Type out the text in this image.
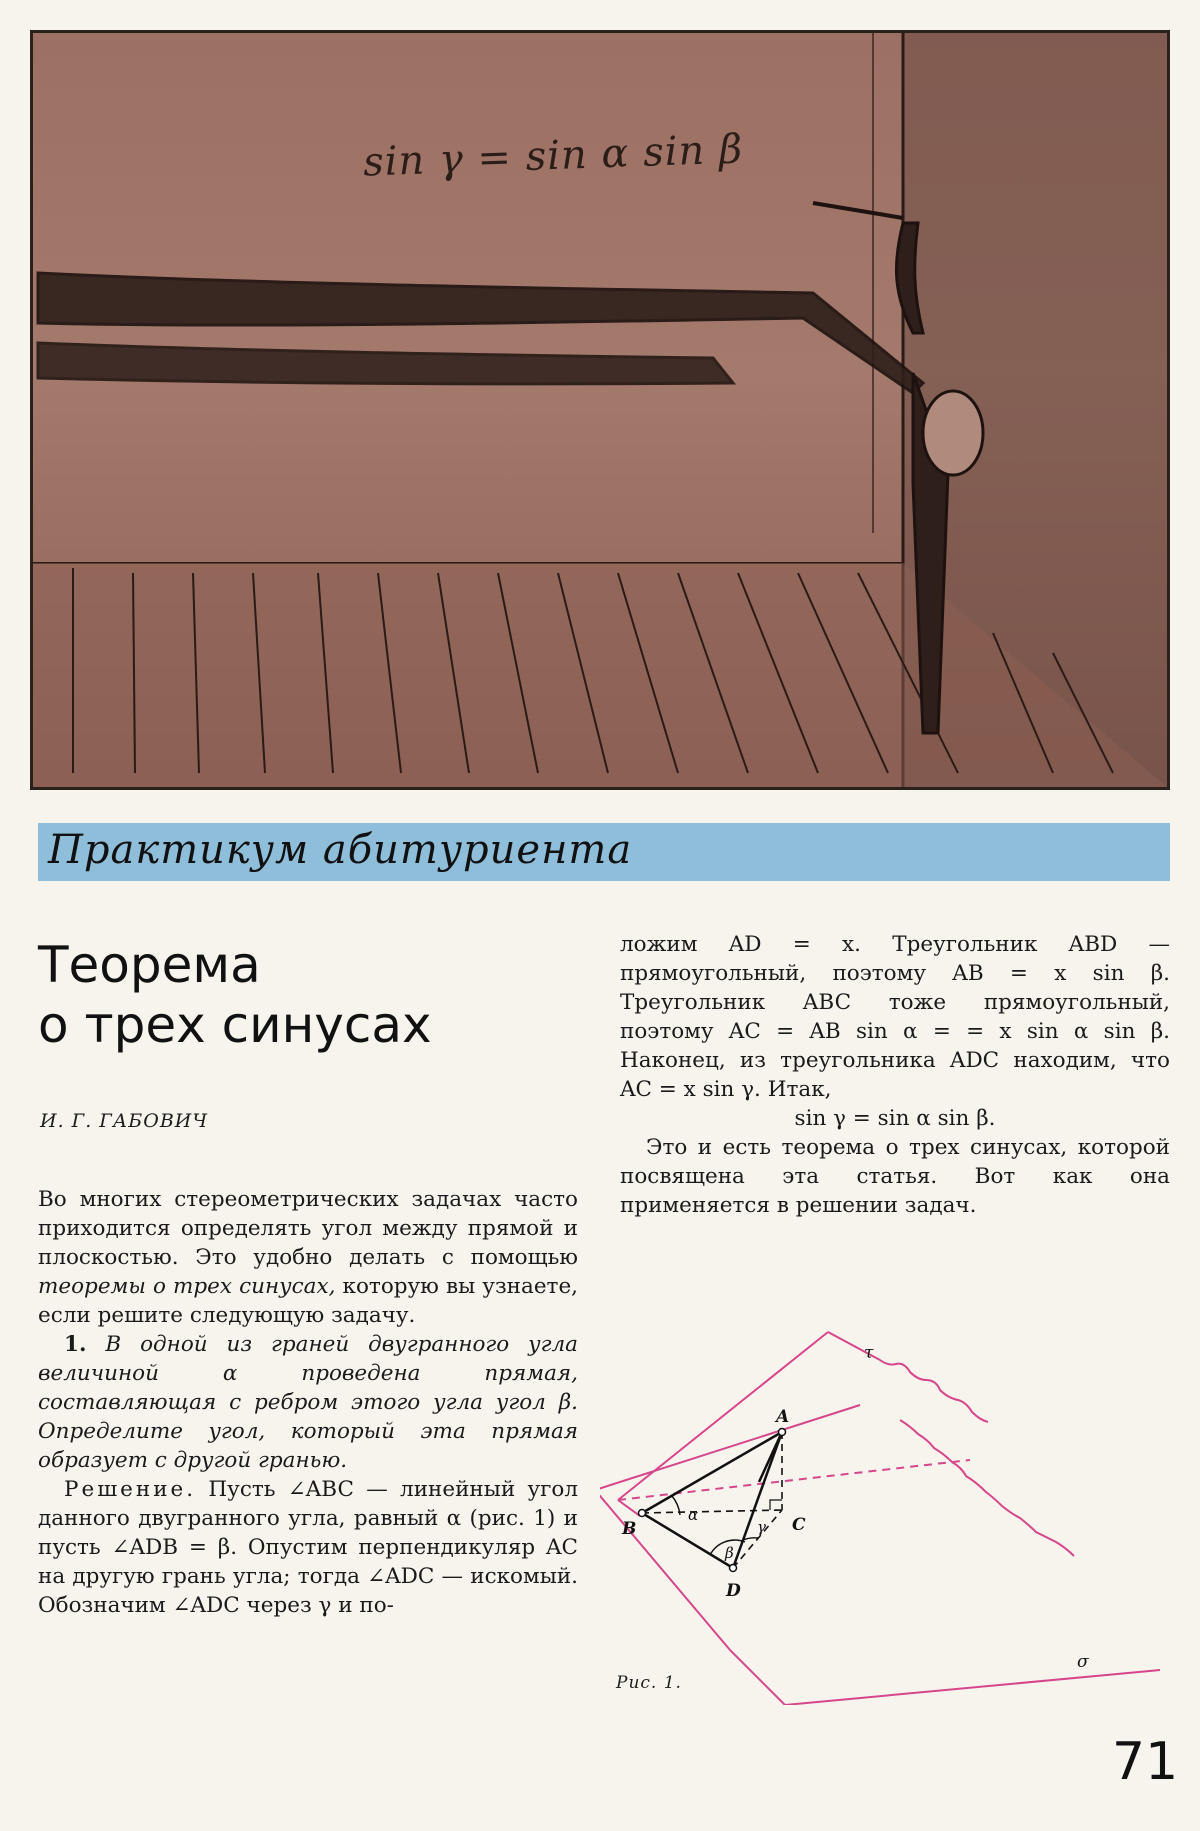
sin γ = sin α sin β
Практикум абитуриента
Теорема
о трех синусах
И. Г. ГАБОВИЧ

Во многих стереометрических задачах часто приходится определять угол между прямой и плоскостью. Это удобно делать с помощью теоремы о трех синусах, которую вы узнаете, если решите следующую задачу.

1. В одной из граней двугранного угла величиной α проведена прямая, составляющая с ребром этого угла угол β. Определите угол, который эта прямая образует с другой гранью.

Решение. Пусть ∠ABC — линейный угол данного двугранного угла, равный α (рис. 1) и пусть ∠ADB = β. Опустим перпендикуляр AC на другую грань угла; тогда ∠ADC — искомый. Обозначим ∠ADC через γ и по-

ложим AD = x. Треугольник ABD — прямоугольный, поэтому AB = x sin β. Треугольник ABC тоже прямоугольный, поэтому AC = AB sin α = = x sin α sin β. Наконец, из треугольника ADC находим, что AC = x sin γ. Итак,

sin γ = sin α sin β.

Это и есть теорема о трех синусах, которой посвящена эта статья. Вот как она применяется в решении задач.

τ
σ
A
B	C
D
α
β
γ
Рис. 1.
71
